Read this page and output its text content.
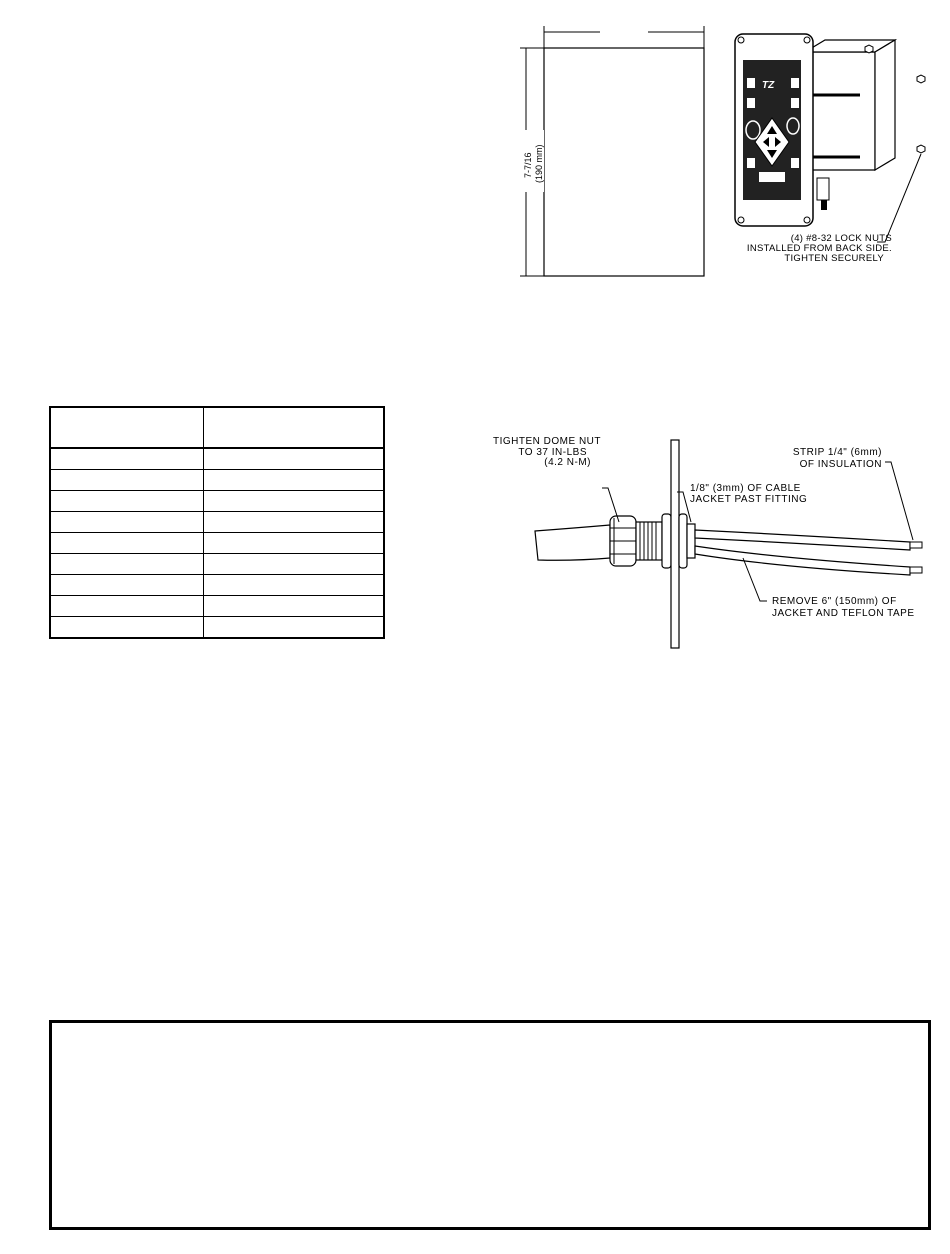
7-7/16 (190 mm)
TZ
(4) #8-32 LOCK NUTS
INSTALLED FROM BACK SIDE.
TIGHTEN SECURELY

TIGHTEN DOME NUT
TO 37 IN-LBS
(4.2 N-M)
1/8" (3mm) OF CABLE
JACKET PAST FITTING
STRIP 1/4" (6mm)
OF INSULATION
REMOVE 6" (150mm) OF
JACKET AND TEFLON TAPE
